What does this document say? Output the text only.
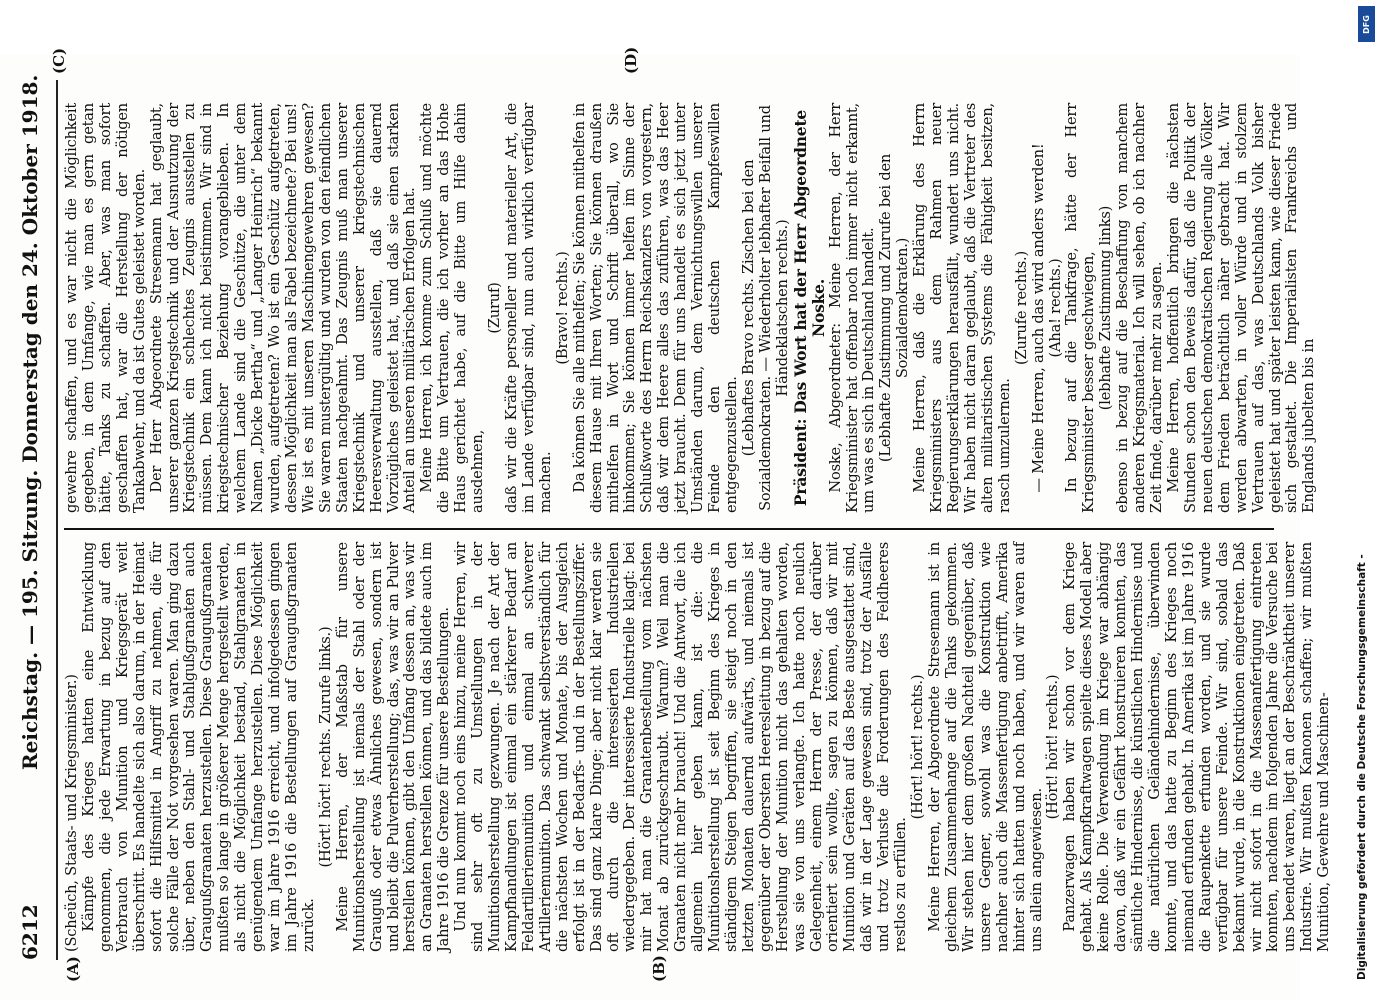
6212
Reichstag. — 195. Sitzung. Donnerstag den 24. Oktober 1918.
(A)	(B)
(C)	(D)

(Scheüch, Staats- und Kriegsminister.) Kämpfe des Krieges hatten eine Entwicklung genommen, die jede Erwartung in bezug auf den Verbrauch von Munition und Kriegsgerät weit überschritt. Es handelte sich also darum, in der Heimat sofort die Hilfsmittel in Angriff zu nehmen, die für solche Fälle der Not vorgesehen waren. Man ging dazu über, neben den Stahl- und Stahlgußgranaten auch Graugußgranaten herzustellen. Diese Graugußgranaten mußten so lange in größerer Menge hergestellt werden, als nicht die Möglichkeit bestand, Stahlgranaten in genügendem Umfange herzustellen. Diese Möglichkeit war im Jahre 1916 erreicht, und infolgedessen gingen im Jahre 1916 die Bestellungen auf Graugußgranaten zurück.

(Hört! hört! rechts. Zurufe links.) Meine Herren, der Maßstab für unsere Munitionsherstellung ist niemals der Stahl oder der Grauguß oder etwas Ähnliches gewesen, sondern ist und bleibt die Pulverherstellung; das, was wir an Pulver herstellen können, gibt den Umfang dessen an, was wir an Granaten herstellen können, und das bildete auch im Jahre 1916 die Grenze für unsere Bestellungen. Und nun kommt noch eins hinzu, meine Herren, wir sind sehr oft zu Umstellungen in der Munitionsherstellung gezwungen. Je nach der Art der Kampfhandlungen ist einmal ein stärkerer Bedarf an Feldartilleriemunition und einmal an schwerer Artilleriemunition. Das schwankt selbstverständlich für die nächsten Wochen und Monate, bis der Ausgleich erfolgt ist in der Bedarfs- und in der Bestellungsziffer. Das sind ganz klare Dinge; aber nicht klar werden sie oft durch die interessierten Industriellen wiedergegeben. Der interessierte Industrielle klagt: bei mir hat man die Granatenbestellung vom nächsten Monat ab zurückgeschraubt. Warum? Weil man die Granaten nicht mehr braucht! Und die Antwort, die ich allgemein hier geben kann, ist die: die Munitionsherstellung ist seit Beginn des Krieges in ständigem Steigen begriffen, sie steigt noch in den letzten Monaten dauernd aufwärts, und niemals ist gegenüber der Obersten Heeresleitung in bezug auf die Herstellung der Munition nicht das gehalten worden, was sie von uns verlangte. Ich hatte noch neulich Gelegenheit, einem Herrn der Presse, der darüber orientiert sein wollte, sagen zu können, daß wir mit Munition und Geräten auf das Beste ausgestattet sind, daß wir in der Lage gewesen sind, trotz der Ausfälle und trotz Verluste die Forderungen des Feldheeres restlos zu erfüllen.

(Hört! hört! rechts.) Meine Herren, der Abgeordnete Stresemann ist in gleichem Zusammenhange auf die Tanks gekommen. Wir stehen hier dem großen Nachteil gegenüber, daß unsere Gegner, sowohl was die Konstruktion wie nachher auch die Massenfertigung anbetrifft, Amerika hinter sich hatten und noch haben, und wir waren auf uns allein angewiesen.

(Hört! hört! rechts.) Panzerwagen haben wir schon vor dem Kriege gehabt. Als Kampfkraftwagen spielte dieses Modell aber keine Rolle. Die Verwendung im Kriege war abhängig davon, daß wir ein Gefährt konstruieren konnten, das sämtliche Hindernisse, die künstlichen Hindernisse und die natürlichen Geländehindernisse, überwinden konnte, und das hatte zu Beginn des Krieges noch niemand erfunden gehabt. In Amerika ist im Jahre 1916 die Raupenkette erfunden worden, und sie wurde verfügbar für unsere Feinde. Wir sind, sobald das bekannt wurde, in die Konstruktionen eingetreten. Daß wir nicht sofort in die Massenanfertigung eintreten konnten, nachdem im folgenden Jahre die Versuche bei uns beendet waren, liegt an der Beschränktheit unserer Industrie. Wir mußten Kanonen schaffen; wir mußten Munition, Gewehre und Maschinen-

gewehre schaffen, und es war nicht die Möglichkeit gegeben, in dem Umfange, wie man es gern getan hätte, Tanks zu schaffen. Aber, was man sofort geschaffen hat, war die Herstellung der nötigen Tankabwehr, und da ist Gutes geleistet worden. Der Herr Abgeordnete Stresemann hat geglaubt, unserer ganzen Kriegstechnik und der Ausnutzung der Kriegstechnik ein schlechtes Zeugnis ausstellen zu müssen. Dem kann ich nicht beistimmen. Wir sind in kriegstechnischer Beziehung vorangeblieben. In welchem Lande sind die Geschütze, die unter dem Namen „Dicke Bertha“ und „Langer Heinrich“ bekannt wurden, aufgetreten? Wo ist ein Geschütz aufgetreten, dessen Möglichkeit man als Fabel bezeichnete? Bei uns! Wie ist es mit unseren Maschinengewehren gewesen? Sie waren mustergültig und wurden von den feindlichen Staaten nachgeahmt. Das Zeugnis muß man unserer Kriegstechnik und unserer kriegstechnischen Heeresverwaltung ausstellen, daß sie dauernd Vorzügliches geleistet hat, und daß sie einen starken Anteil an unseren militärischen Erfolgen hat. Meine Herren, ich komme zum Schluß und möchte die Bitte um Vertrauen, die ich vorher an das Hohe Haus gerichtet habe, auf die Bitte um Hilfe dahin ausdehnen,

(Zuruf) daß wir die Kräfte personeller und materieller Art, die im Lande verfügbar sind, nun auch wirklich verfügbar machen.

(Bravo! rechts.) Da können Sie alle mithelfen; Sie können mithelfen in diesem Hause mit Ihren Worten; Sie können draußen mithelfen in Wort und Schrift überall, wo Sie hinkommen; Sie können immer helfen im Sinne der Schlußworte des Herrn Reichskanzlers von vorgestern, daß wir dem Heere alles das zuführen, was das Heer jetzt braucht. Denn für uns handelt es sich jetzt unter Umständen darum, dem Vernichtungswillen unserer Feinde den deutschen Kampfeswillen entgegenzustellen. (Lebhaftes Bravo rechts. Zischen bei den Sozialdemokraten. — Wiederholter lebhafter Beifall und Händeklatschen rechts.) Präsident: Das Wort hat der Herr Abgeordnete Noske.

Noske, Abgeordneter: Meine Herren, der Herr Kriegsminister hat offenbar noch immer nicht erkannt, um was es sich in Deutschland handelt. (Lebhafte Zustimmung und Zurufe bei den Sozialdemokraten.) Meine Herren, daß die Erklärung des Herrn Kriegsministers aus dem Rahmen neuer Regierungserklärungen herausfällt, wundert uns nicht. Wir haben nicht daran geglaubt, daß die Vertreter des alten militaristischen Systems die Fähigkeit besitzen, rasch umzulernen.

(Zurufe rechts.) — Meine Herren, auch das wird anders werden! (Aha! rechts.) In bezug auf die Tankfrage, hätte der Herr Kriegsminister besser geschwiegen, (lebhafte Zustimmung links) ebenso in bezug auf die Beschaffung von manchem anderen Kriegsmaterial. Ich will sehen, ob ich nachher Zeit finde, darüber mehr zu sagen. Meine Herren, hoffentlich bringen die nächsten Stunden schon den Beweis dafür, daß die Politik der neuen deutschen demokratischen Regierung alle Völker dem Frieden beträchtlich näher gebracht hat. Wir werden abwarten, in voller Würde und in stolzem Vertrauen auf das, was Deutschlands Volk bisher geleistet hat und später leisten kann, wie dieser Friede sich gestaltet. Die Imperialisten Frankreichs und Englands jubelten bis in

DFG
Digitalisierung gefördert durch die Deutsche Forschungsgemeinschaft -
